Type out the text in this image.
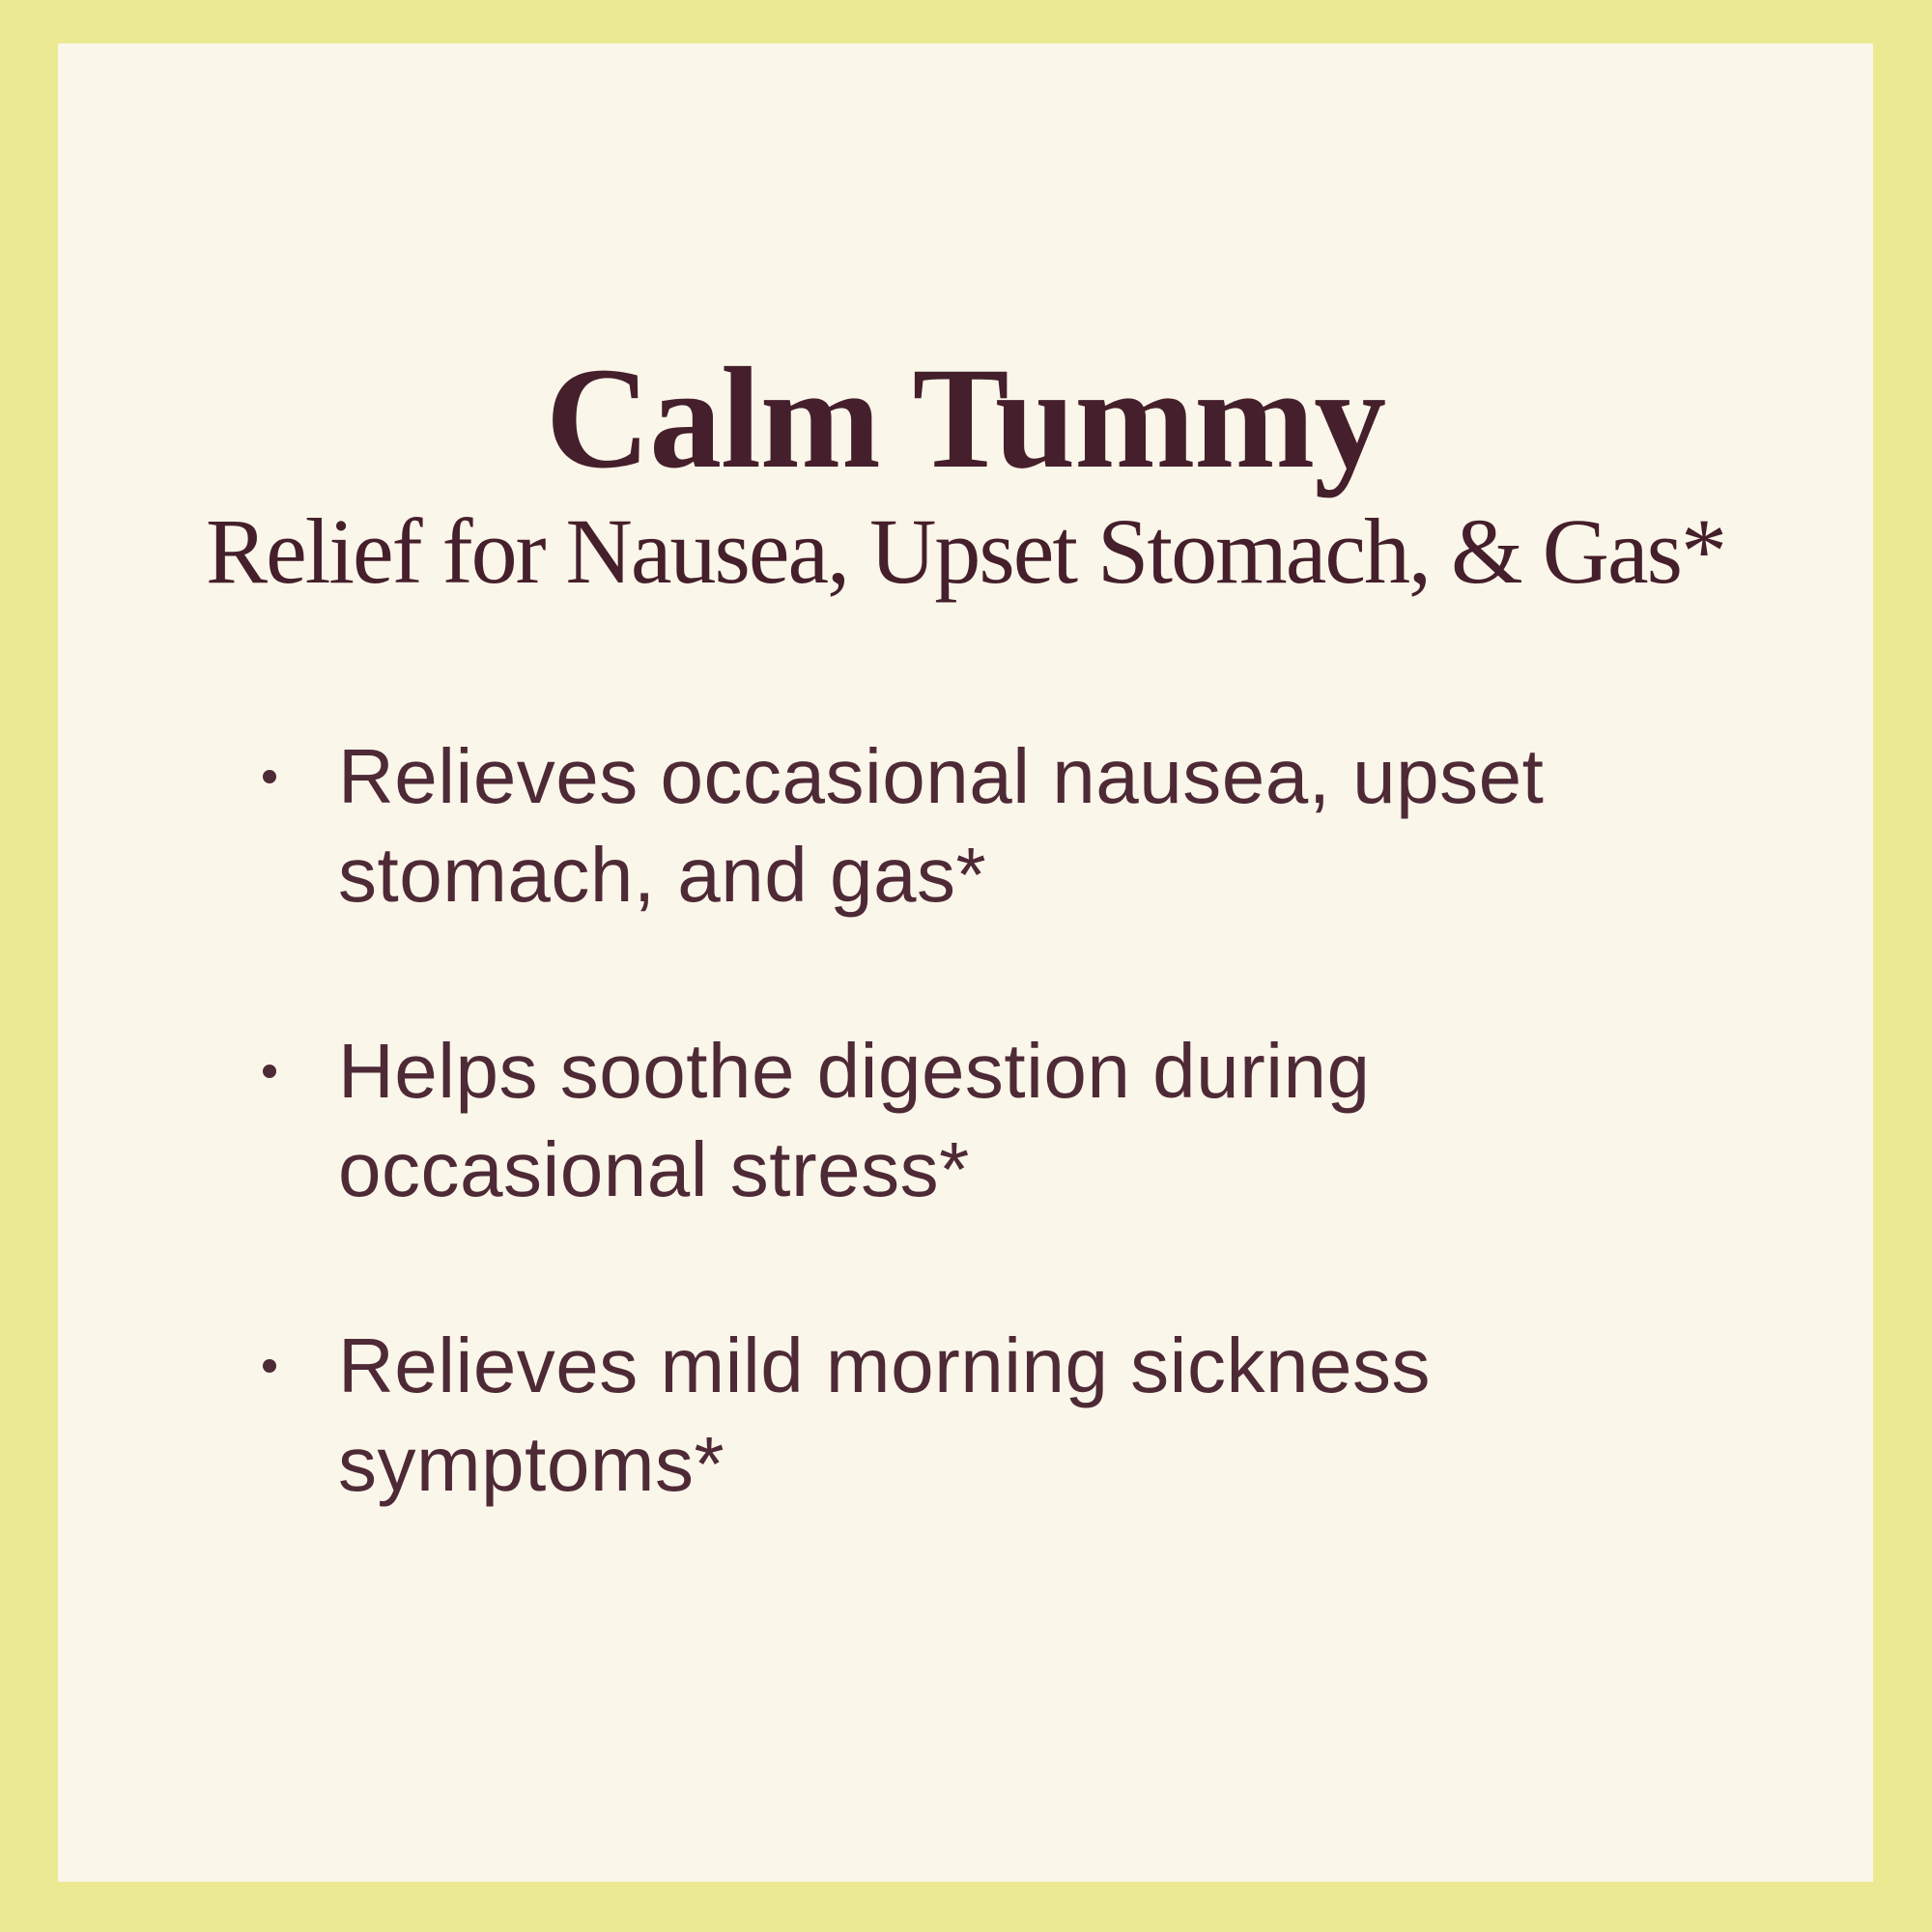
Calm Tummy
Relief for Nausea, Upset Stomach, & Gas*
Relieves occasional nausea, upset stomach, and gas*
Helps soothe digestion during occasional stress*
Relieves mild morning sickness symptoms*
